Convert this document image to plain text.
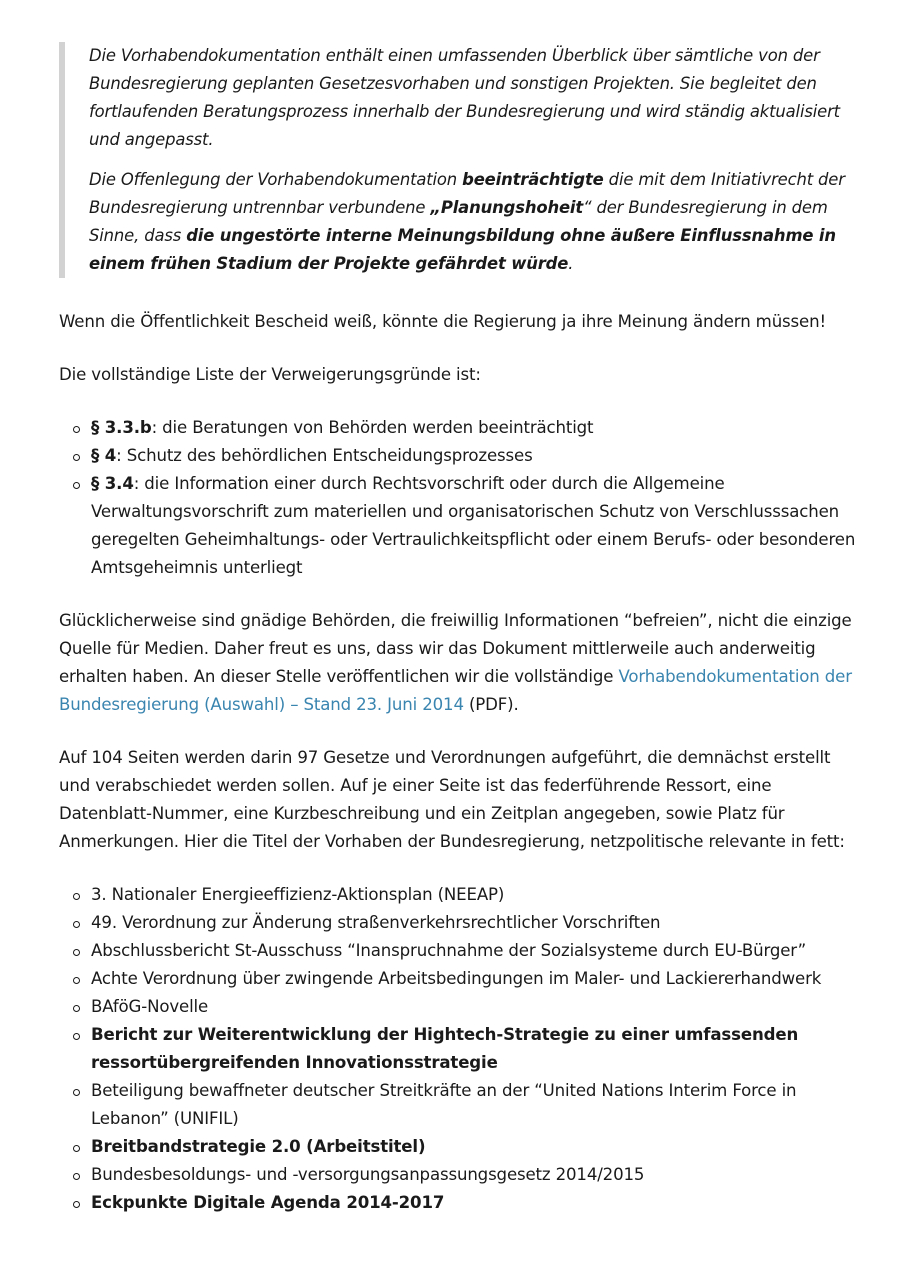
Die Vorhabendokumentation enthält einen umfassenden Überblick über sämtliche von der Bundesregierung geplanten Gesetzesvorhaben und sonstigen Projekten. Sie begleitet den fortlaufenden Beratungsprozess innerhalb der Bundesregierung und wird ständig aktualisiert und angepasst.

Die Offenlegung der Vorhabendokumentation beeinträchtigte die mit dem Initiativrecht der Bundesregierung untrennbar verbundene „Planungshoheit“ der Bundesregierung in dem Sinne, dass die ungestörte interne Meinungsbildung ohne äußere Einflussnahme in einem frühen Stadium der Projekte gefährdet würde.

Wenn die Öffentlichkeit Bescheid weiß, könnte die Regierung ja ihre Meinung ändern müssen!

Die vollständige Liste der Verweigerungsgründe ist:

§ 3.3.b: die Beratungen von Behörden werden beeinträchtigt
§ 4: Schutz des behördlichen Entscheidungsprozesses
§ 3.4: die Information einer durch Rechtsvorschrift oder durch die Allgemeine Verwaltungsvorschrift zum materiellen und organisatorischen Schutz von Verschlusssachen geregelten Geheimhaltungs- oder Vertraulichkeitspflicht oder einem Berufs- oder besonderen Amtsgeheimnis unterliegt

Glücklicherweise sind gnädige Behörden, die freiwillig Informationen “befreien”, nicht die einzige Quelle für Medien. Daher freut es uns, dass wir das Dokument mittlerweile auch anderweitig erhalten haben. An dieser Stelle veröffentlichen wir die vollständige Vorhabendokumentation der Bundesregierung (Auswahl) – Stand 23. Juni 2014 (PDF).

Auf 104 Seiten werden darin 97 Gesetze und Verordnungen aufgeführt, die demnächst erstellt und verabschiedet werden sollen. Auf je einer Seite ist das federführende Ressort, eine Datenblatt-Nummer, eine Kurzbeschreibung und ein Zeitplan angegeben, sowie Platz für Anmerkungen. Hier die Titel der Vorhaben der Bundesregierung, netzpolitische relevante in fett:

3. Nationaler Energieeffizienz-Aktionsplan (NEEAP)
49. Verordnung zur Änderung straßenverkehrsrechtlicher Vorschriften
Abschlussbericht St-Ausschuss “Inanspruchnahme der Sozialsysteme durch EU-Bürger”
Achte Verordnung über zwingende Arbeitsbedingungen im Maler- und Lackiererhandwerk
BAföG-Novelle
Bericht zur Weiterentwicklung der Hightech-Strategie zu einer umfassenden ressortübergreifenden Innovationsstrategie
Beteiligung bewaffneter deutscher Streitkräfte an der “United Nations Interim Force in Lebanon” (UNIFIL)
Breitbandstrategie 2.0 (Arbeitstitel)
Bundesbesoldungs- und -versorgungsanpassungsgesetz 2014/2015
Eckpunkte Digitale Agenda 2014-2017
